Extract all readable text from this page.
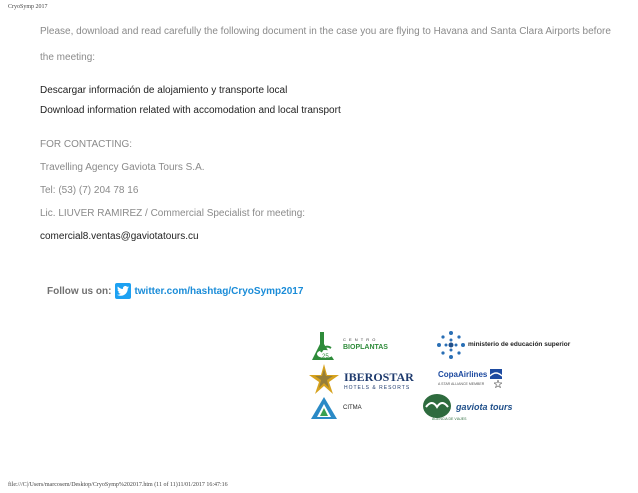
CryoSymp 2017
Please, download and read carefully the following document in the case you are flying to Havana and Santa Clara Airports before
the meeting:
Descargar información de alojamiento y transporte local
Download information related with accomodation and local transport
FOR CONTACTING:
Travelling Agency Gaviota Tours S.A.
Tel: (53) (7) 204 78 16
Lic. LIUVER RAMIREZ / Commercial Specialist for meeting:
comercial8.ventas@gaviotatours.cu
Follow us on: twitter.com/hashtag/CryoSymp2017
25
C E N T R O
BIOPLANTAS	ministerio de educación superior
IBEROSTAR
HOTELS & RESORTS
CopaAirlines
A STAR ALLIANCE MEMBER
CITMA	gaviota tours
AGENCIA DE VIAJES
file:///C|/Users/marcosem/Desktop/CryoSymp%202017.htm (11 of 11)11/01/2017 16:47:16
